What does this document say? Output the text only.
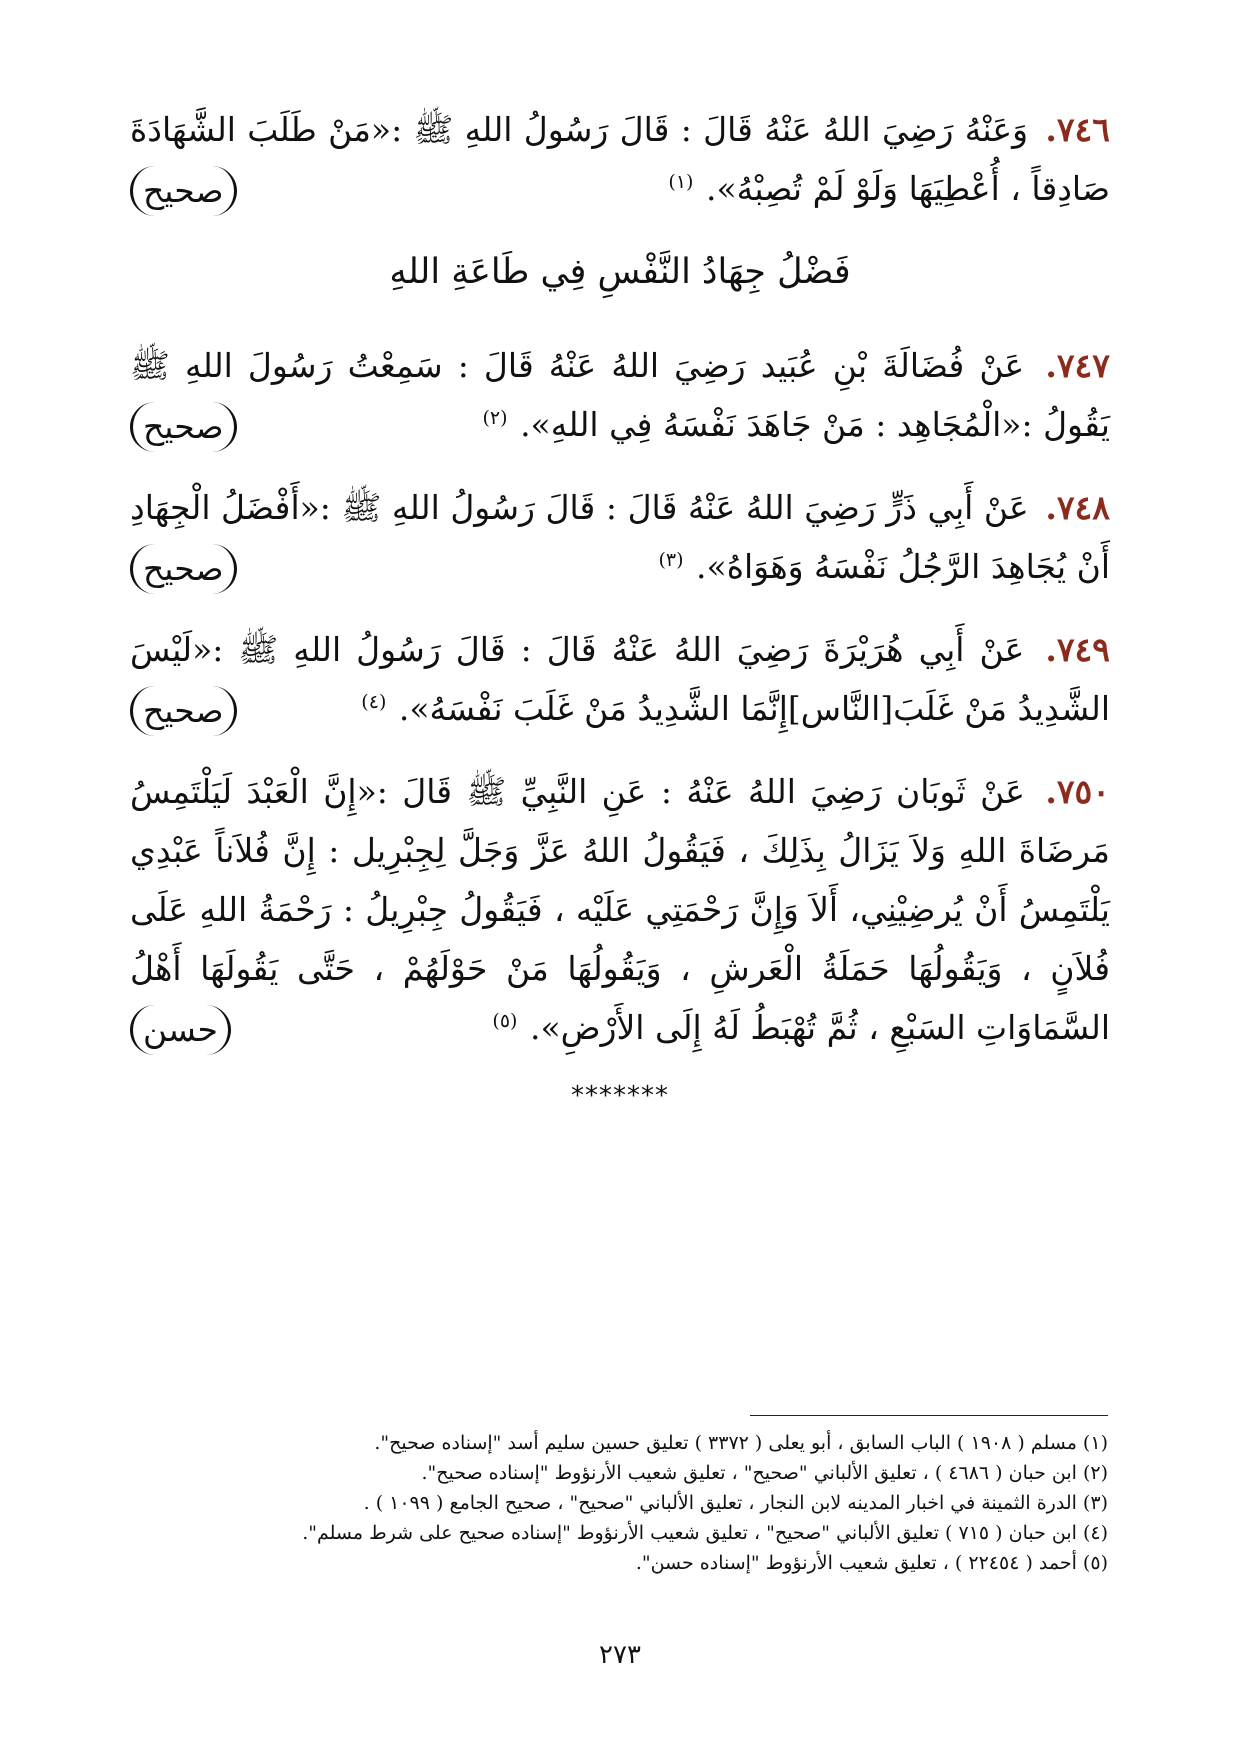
٧٤٦. وَعَنْهُ رَضِيَ اللهُ عَنْهُ قَالَ : قَالَ رَسُولُ اللهِ ﷺ :«مَنْ طَلَبَ الشَّهَادَةَ صَادِقاً ، أُعْطِيَهَا وَلَوْ لَمْ تُصِبْهُ». $^{(١)}$
صحيح
فَضْلُ جِهَادُ النَّفْسِ فِي طَاعَةِ اللهِ
٧٤٧. عَنْ فُضَالَةَ بْنِ عُبَيد رَضِيَ اللهُ عَنْهُ قَالَ : سَمِعْتُ رَسُولَ اللهِ ﷺ يَقُولُ :«الْمُجَاهِد : مَنْ جَاهَدَ نَفْسَهُ فِي اللهِ». $^{(٢)}$
صحيح
٧٤٨. عَنْ أَبِي ذَرٍّ رَضِيَ اللهُ عَنْهُ قَالَ : قَالَ رَسُولُ اللهِ ﷺ :«أَفْضَلُ الْجِهَادِ أَنْ يُجَاهِدَ الرَّجُلُ نَفْسَهُ وَهَوَاهُ». $^{(٣)}$
صحيح
٧٤٩. عَنْ أَبِي هُرَيْرَةَ رَضِيَ اللهُ عَنْهُ قَالَ : قَالَ رَسُولُ اللهِ ﷺ :«لَيْسَ الشَّدِيدُ مَنْ غَلَبَ[النَّاس]إِنَّمَا الشَّدِيدُ مَنْ غَلَبَ نَفْسَهُ». $^{(٤)}$
صحيح
٧٥٠. عَنْ ثَوبَان رَضِيَ اللهُ عَنْهُ : عَنِ النَّبِيِّ ﷺ قَالَ :«إِنَّ الْعَبْدَ لَيَلْتَمِسُ مَرضَاةَ اللهِ وَلاَ يَزَالُ بِذَلِكَ ، فَيَقُولُ اللهُ عَزَّ وَجَلَّ لِجِبْرِيل : إِنَّ فُلاَناً عَبْدِي يَلْتَمِسُ أَنْ يُرضِيْنِي، أَلاَ وَإِنَّ رَحْمَتِي عَلَيْه ، فَيَقُولُ جِبْرِيلُ : رَحْمَةُ اللهِ عَلَى فُلاَنٍ ، وَيَقُولُهَا حَمَلَةُ الْعَرشِ ، وَيَقُولُهَا مَنْ حَوْلَهُمْ ، حَتَّى يَقُولَهَا أَهْلُ السَّمَاوَاتِ السَبْعِ ، ثُمَّ تُهْبَطُ لَهُ إِلَى الأَرْضِ». $^{(٥)}$
حسن
*******

(١) مسلم ( ١٩٠٨ ) الباب السابق ، أبو يعلى ( ٣٣٧٢ ) تعليق حسين سليم أسد "إسناده صحيح".

(٢) ابن حبان ( ٤٦٨٦ ) ، تعليق الألباني "صحيح" ، تعليق شعيب الأرنؤوط "إسناده صحيح".

(٣) الدرة الثمينة في اخبار المدينه لابن النجار ، تعليق الألباني "صحيح" ، صحيح الجامع ( ١٠٩٩ ) .

(٤) ابن حبان ( ٧١٥ ) تعليق الألباني "صحيح" ، تعليق شعيب الأرنؤوط "إسناده صحيح على شرط مسلم".

(٥) أحمد ( ٢٢٤٥٤ ) ، تعليق شعيب الأرنؤوط "إسناده حسن".

٢٧٣
